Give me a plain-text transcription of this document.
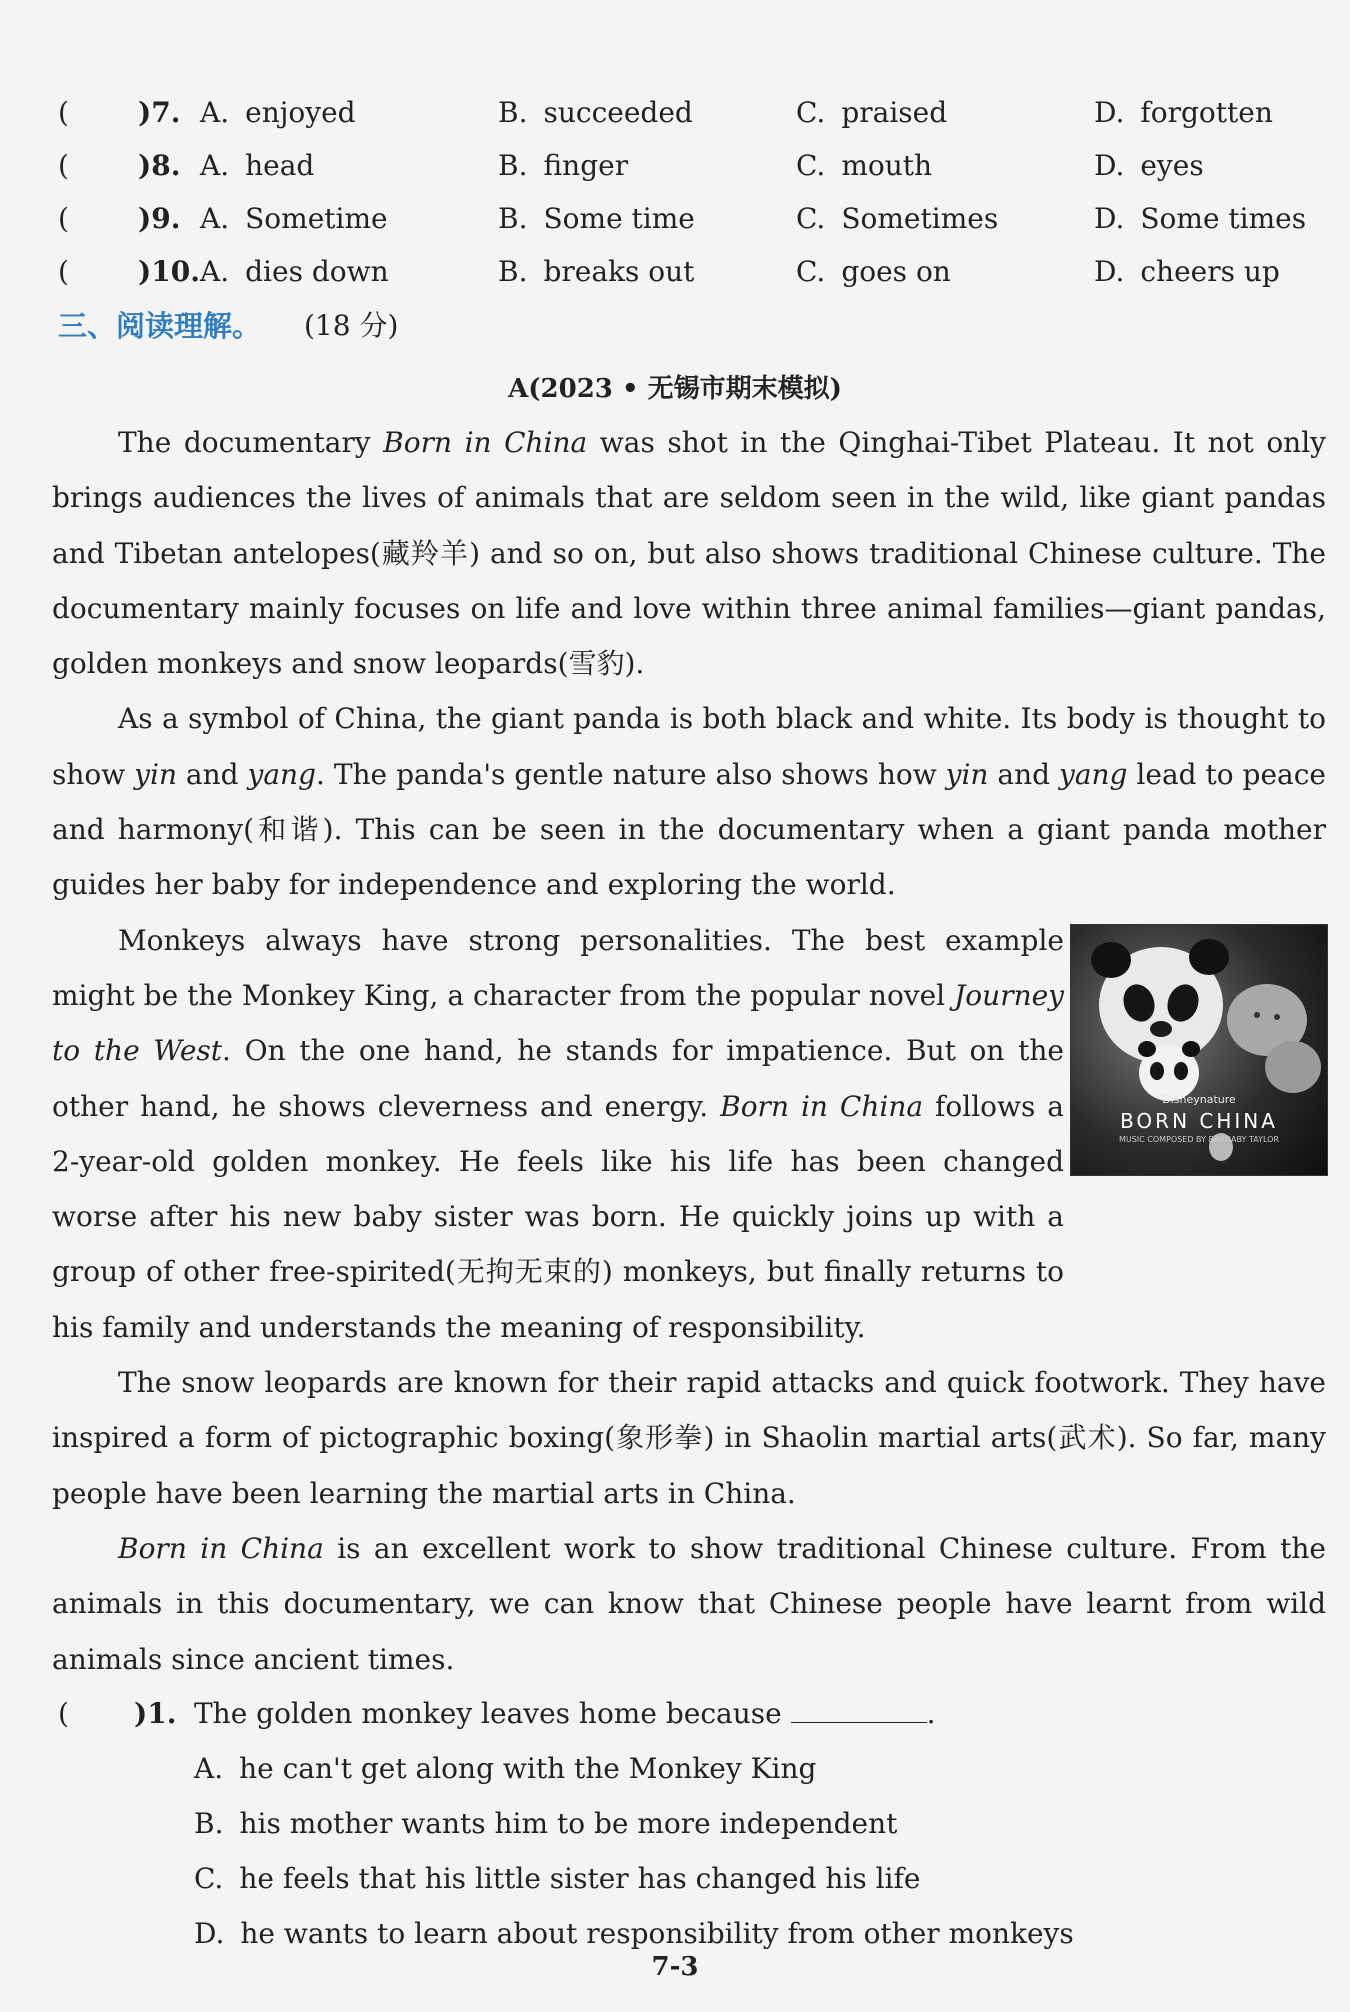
( )7. A. enjoyed	B. succeeded	C. praised	D. forgotten
( )8. A. head	B. finger	C. mouth	D. eyes
( )9. A. Sometime	B. Some time	C. Sometimes	D. Some times
( )10. A. dies down	B. breaks out	C. goes on	D. cheers up
三、阅读理解。 (18 分)
A(2023 • 无锡市期末模拟)

The documentary Born in China was shot in the Qinghai-Tibet Plateau. It not only brings audiences the lives of animals that are seldom seen in the wild, like giant pandas and Tibetan antelopes(藏羚羊) and so on, but also shows traditional Chinese culture. The documentary mainly focuses on life and love within three animal families—giant pandas, golden monkeys and snow leopards(雪豹).

As a symbol of China, the giant panda is both black and white. Its body is thought to show yin and yang. The panda's gentle nature also shows how yin and yang lead to peace and harmony(和谐). This can be seen in the documentary when a giant panda mother guides her baby for independence and exploring the world.

Monkeys always have strong personalities. The best example might be the Monkey King, a character from the popular novel Journey to the West. On the one hand, he stands for impatience. But on the other hand, he shows cleverness and energy. Born in China follows a 2-year-old golden monkey. He feels like his life has been changed worse after his new baby sister was born. He quickly joins up with a group of other free-spirited(无拘无束的) monkeys, but finally returns to his family and understands the meaning of responsibility.

The snow leopards are known for their rapid attacks and quick footwork. They have inspired a form of pictographic boxing(象形拳) in Shaolin martial arts(武术). So far, many people have been learning the martial arts in China.

Born in China is an excellent work to show traditional Chinese culture. From the animals in this documentary, we can know that Chinese people have learnt from wild animals since ancient times.

Disneynature
BORN CHINA
MUSIC COMPOSED BY BARNABY TAYLOR
( )1. The golden monkey leaves home because	.
A. he can't get along with the Monkey King
B. his mother wants him to be more independent
C. he feels that his little sister has changed his life
D. he wants to learn about responsibility from other monkeys
7-3
